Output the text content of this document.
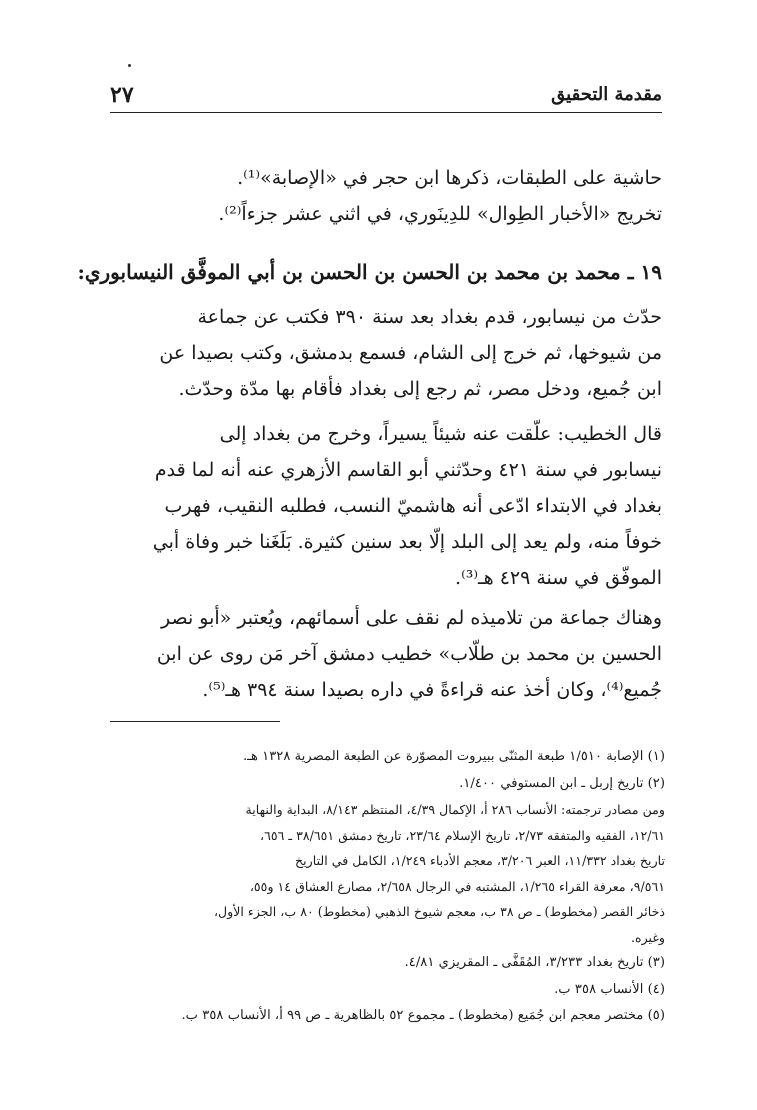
مقدمة التحقيق
٢٧
حاشية على الطبقات، ذكرها ابن حجر في «الإصابة»⁽¹⁾.
تخريج «الأخبار الطِوال» للدِينَوري، في اثني عشر جزءاً⁽²⁾.
١٩ ـ محمد بن محمد بن الحسن بن الحسن بن أبي الموفَّق النيسابوري:
حدّث من نيسابور، قدم بغداد بعد سنة ٣٩٠ فكتب عن جماعة
من شيوخها، ثم خرج إلى الشام، فسمع بدمشق، وكتب بصيدا عن
ابن جُميع، ودخل مصر، ثم رجع إلى بغداد فأقام بها مدّة وحدّث.
قال الخطيب: علّقت عنه شيئاً يسيراً، وخرج من بغداد إلى
نيسابور في سنة ٤٢١ وحدّثني أبو القاسم الأزهري عنه أنه لما قدم
بغداد في الابتداء ادّعى أنه هاشميّ النسب، فطلبه النقيب، فهرب
خوفاً منه، ولم يعد إلى البلد إلّا بعد سنين كثيرة. بَلَغَنا خبر وفاة أبي
الموفّق في سنة ٤٢٩ هـ⁽³⁾.
وهناك جماعة من تلاميذه لم نقف على أسمائهم، ويُعتبر «أبو نصر
الحسين بن محمد بن طلّاب» خطيب دمشق آخر مَن روى عن ابن
جُميع⁽⁴⁾، وكان أخذ عنه قراءةً في داره بصيدا سنة ٣٩٤ هـ⁽⁵⁾.
(١) الإصابة ١/٥١٠ طبعة المثنّى ببيروت المصوّرة عن الطبعة المصرية ١٣٢٨ هـ.
(٢) تاريخ إربل ـ ابن المستوفي ١/٤٠٠.
ومن مصادر ترجمته: الأنساب ٢٨٦ أ، الإكمال ٤/٣٩، المنتظم ٨/١٤٣، البداية والنهاية
١٢/٦١، الفقيه والمتفقه ٢/٧٣، تاريخ الإسلام ٢٣/٦٤، تاريخ دمشق ٣٨/٦٥١ ـ ٦٥٦،
تاريخ بغداد ١١/٣٣٢، العبر ٣/٢٠٦، معجم الأدباء ١/٢٤٩، الكامل في التاريخ
٩/٥٦١، معرفة القراء ١/٢٦٥، المشتبه في الرجال ٢/٦٥٨، مصارع العشاق ١٤ و٥٥،
ذخائر القصر (مخطوط) ـ ص ٣٨ ب، معجم شيوخ الذهبي (مخطوط) ٨٠ ب، الجزء الأول،
وغيره.
(٣) تاريخ بغداد ٣/٢٣٣، المُقَفَّى ـ المقريزي ٤/٨١.
(٤) الأنساب ٣٥٨ ب.
(٥) مختصر معجم ابن جُمَيع (مخطوط) ـ مجموع ٥٢ بالظاهرية ـ ص ٩٩ أ، الأنساب ٣٥٨ ب.
